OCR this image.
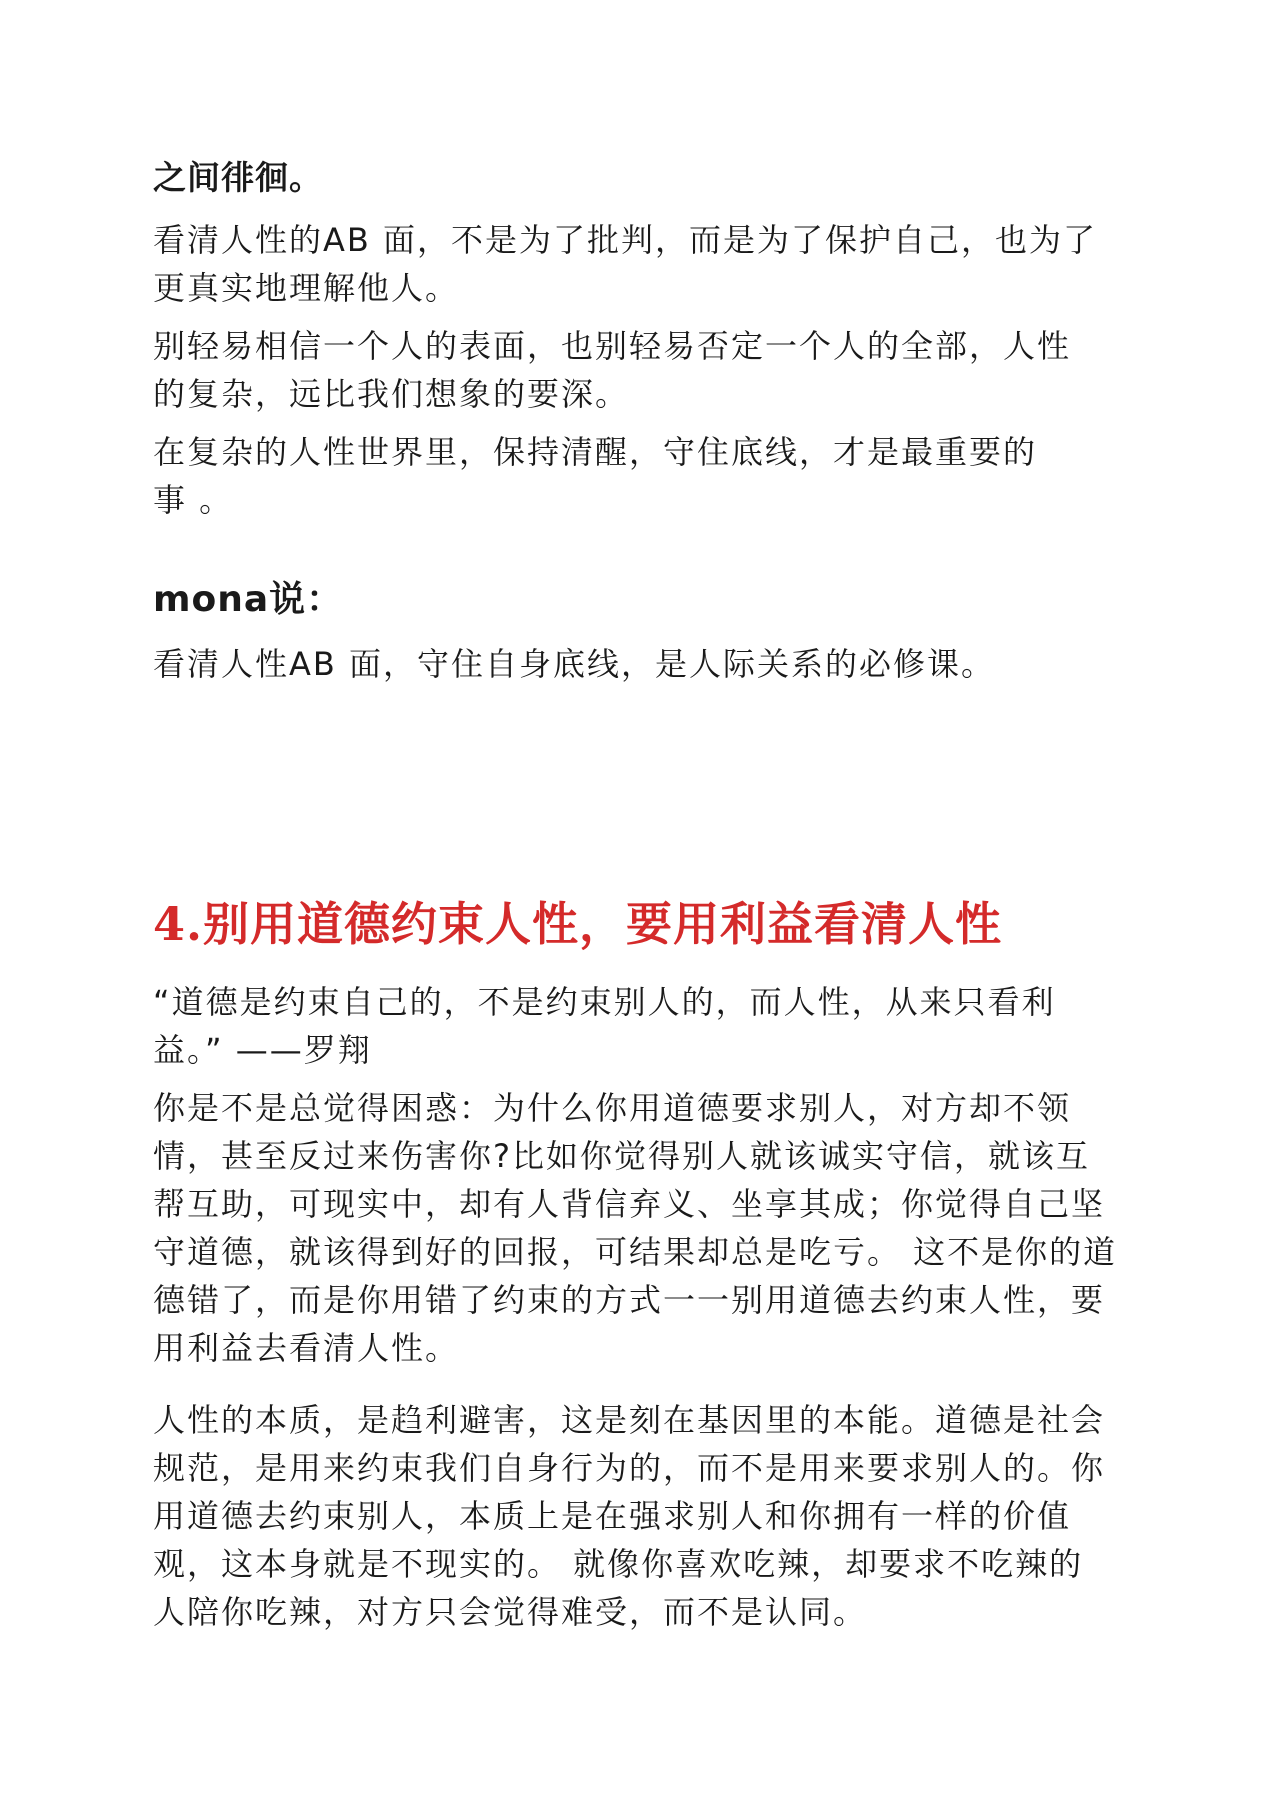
之间徘徊。

看清人性的AB 面，不是为了批判，而是为了保护自己，也为了
更真实地理解他人。

别轻易相信一个人的表面，也别轻易否定一个人的全部，人性
的复杂，远比我们想象的要深。

在复杂的人性世界里，保持清醒，守住底线，才是最重要的
事 。

mona说：

看清人性AB 面，守住自身底线，是人际关系的必修课。

4.别用道德约束人性，要用利益看清人性

“道德是约束自己的，不是约束别人的，而人性，从来只看利
益。” ——罗翔

你是不是总觉得困惑：为什么你用道德要求别人，对方却不领
情，甚至反过来伤害你?比如你觉得别人就该诚实守信，就该互
帮互助，可现实中，却有人背信弃义、坐享其成；你觉得自己坚
守道德，就该得到好的回报，可结果却总是吃亏。 这不是你的道
德错了，而是你用错了约束的方式一一别用道德去约束人性，要
用利益去看清人性。

人性的本质，是趋利避害，这是刻在基因里的本能。道德是社会
规范，是用来约束我们自身行为的，而不是用来要求别人的。你
用道德去约束别人，本质上是在强求别人和你拥有一样的价值
观，这本身就是不现实的。 就像你喜欢吃辣，却要求不吃辣的
人陪你吃辣，对方只会觉得难受，而不是认同。
